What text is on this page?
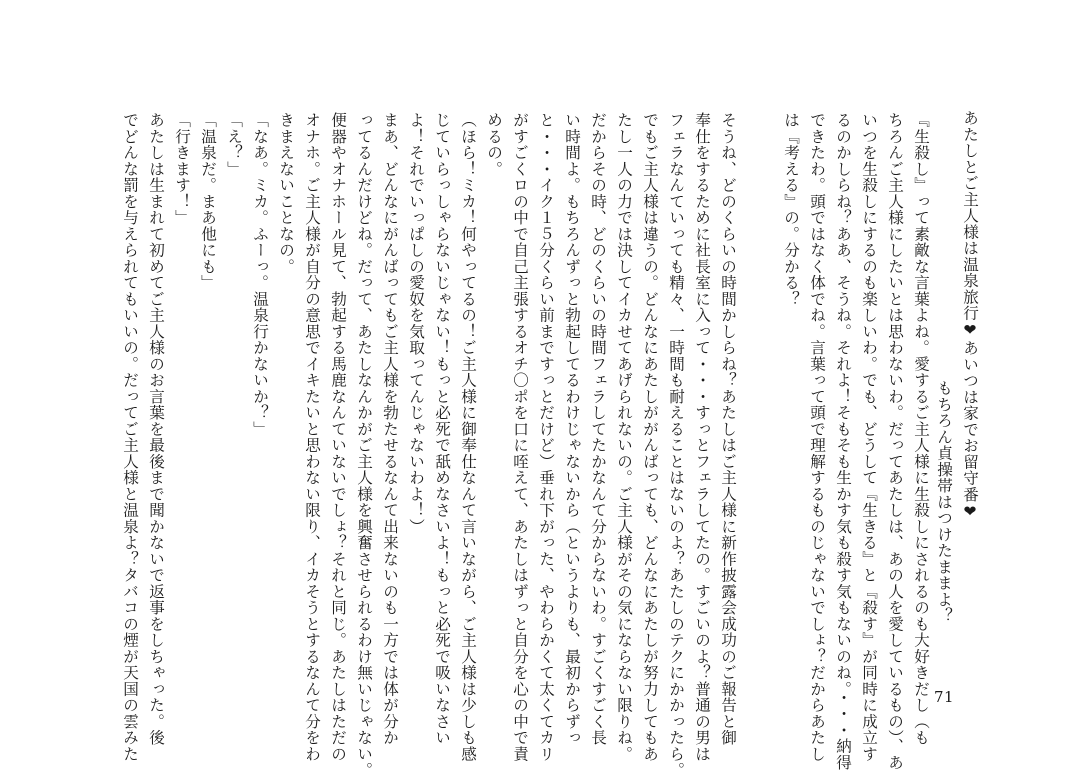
あたしとご主人様は温泉旅行❤あいつは家でお留守番❤
もちろん貞操帯はつけたままよ？
『生殺し』って素敵な言葉よね。愛するご主人様に生殺しにされるのも大好きだし（も
ちろんご主人様にしたいとは思わないわ。だってあたしは、あの人を愛しているもの）、あ
いつを生殺しにするのも楽しいわ。でも、どうして『生きる』と『殺す』が同時に成立す
るのかしらね？ああ、そうね。それよ！そもそも生かす気も殺す気もないのね。・・・納得
できたわ。頭ではなく体でね。言葉って頭で理解するものじゃないでしょ？だからあたし
は『考える』の。分かる？
そうね、どのくらいの時間かしらね？あたしはご主人様に新作披露会成功のご報告と御
奉仕をするために社長室に入って・・・すっとフェラしてたの。すごいのよ？普通の男は
フェラなんていっても精々、一時間も耐えることはないのよ？あたしのテクにかかったら。
でもご主人様は違うの。どんなにあたしががんばっても、どんなにあたしが努力してもあ
たし一人の力では決してイカせてあげられないの。ご主人様がその気にならない限りね。
だからその時、どのくらいの時間フェラしてたかなんて分からないわ。すごくすごく長
い時間よ。もちろんずっと勃起してるわけじゃないから（というよりも、最初からずっ
と・・・イク１５分くらい前まですっとだけど）垂れ下がった、やわらかくて太くてカリ
がすごくロの中で自己主張するオチ〇ポを口に咥えて、あたしはずっと自分を心の中で責
めるの。
（ほら！ミカ！何やってるの！ご主人様に御奉仕なんて言いながら、ご主人様は少しも感
じていらっしゃらないじゃない！もっと必死で舐めなさいよ！もっと必死で吸いなさい
よ！それでいっぱしの愛奴を気取ってんじゃないわよ！）
まあ、どんなにがんばってもご主人様を勃たせるなんて出来ないのも一方では体が分か
ってるんだけどね。だって、あたしなんかがご主人様を興奮させられるわけ無いじゃない。
便器やオナホール見て、勃起する馬鹿なんていないでしょ？それと同じ。あたしはただの
オナホ。ご主人様が自分の意思でイキたいと思わない限り、イカそうとするなんて分をわ
きまえないことなの。
「なあ。ミカ。ふーっ。温泉行かないか？」
「え？」
「温泉だ。まあ他にも」
「行きます！」
あたしは生まれて初めてご主人様のお言葉を最後まで聞かないで返事をしちゃった。後
でどんな罰を与えられてもいいの。だってご主人様と温泉よ？タバコの煙が天国の雲みた	71
